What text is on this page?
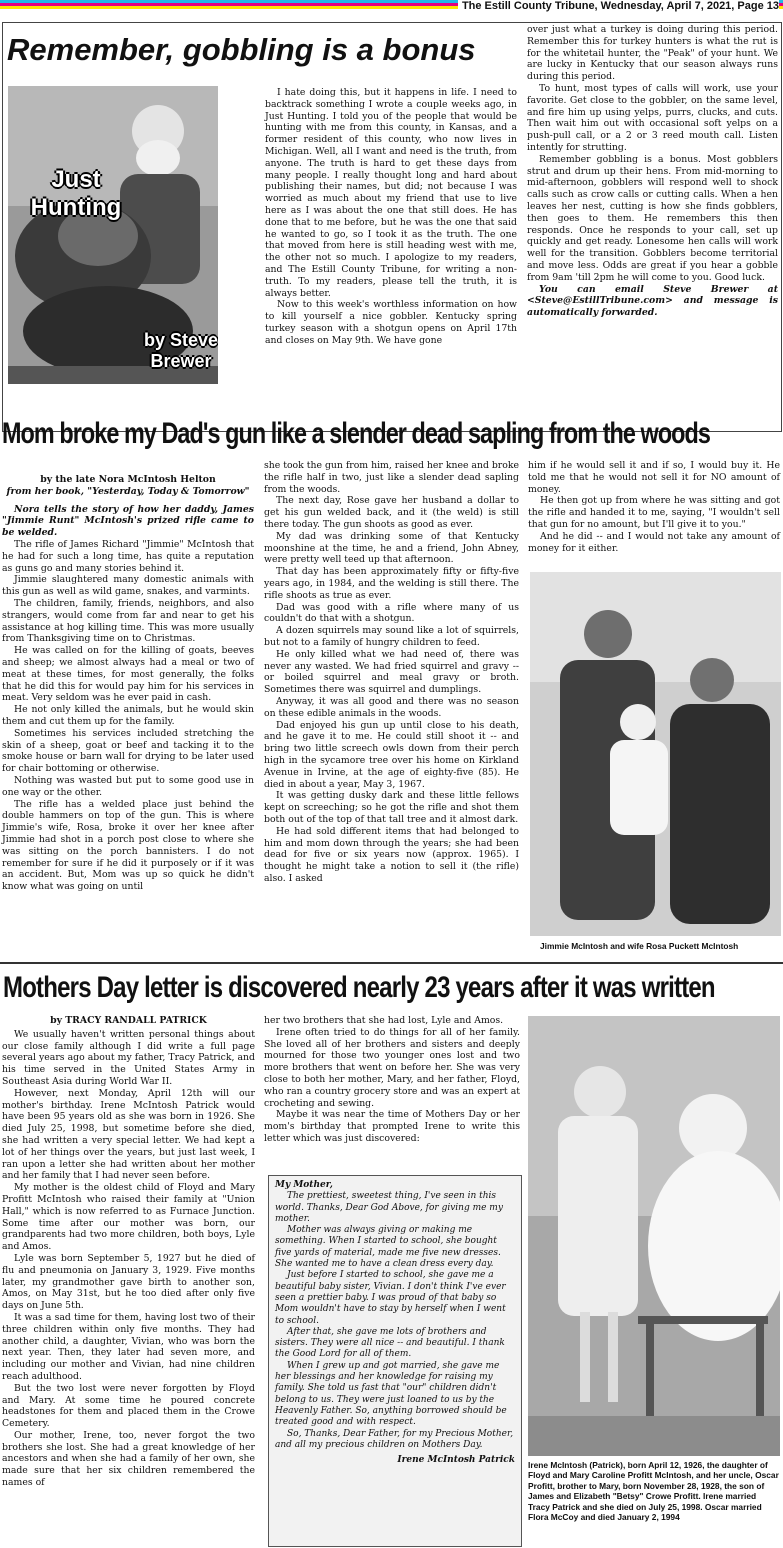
The Estill County Tribune, Wednesday, April 7, 2021, Page 13
Remember, gobbling is a bonus
Just
Hunting
by Steve
Brewer

I hate doing this, but it happens in life. I need to backtrack something I wrote a couple weeks ago, in Just Hunting. I told you of the people that would be hunting with me from this county, in Kansas, and a former resident of this county, who now lives in Michigan. Well, all I want and need is the truth, from anyone. The truth is hard to get these days from many people. I really thought long and hard about publishing their names, but did; not because I was worried as much about my friend that use to live here as I was about the one that still does. He has done that to me before, but he was the one that said he wanted to go, so I took it as the truth. The one that moved from here is still heading west with me, the other not so much. I apologize to my readers, and The Estill County Tribune, for writing a non-truth. To my readers, please tell the truth, it is always better.

Now to this week's worthless information on how to kill yourself a nice gobbler. Kentucky spring turkey season with a shotgun opens on April 17th and closes on May 9th. We have gone

over just what a turkey is doing during this period. Remember this for turkey hunters is what the rut is for the whitetail hunter, the "Peak" of your hunt. We are lucky in Kentucky that our season always runs during this period.

To hunt, most types of calls will work, use your favorite. Get close to the gobbler, on the same level, and fire him up using yelps, purrs, clucks, and cuts. Then wait him out with occasional soft yelps on a push-pull call, or a 2 or 3 reed mouth call. Listen intently for strutting.

Remember gobbling is a bonus. Most gobblers strut and drum up their hens. From mid-morning to mid-afternoon, gobblers will respond well to shock calls such as crow calls or cutting calls. When a hen leaves her nest, cutting is how she finds gobblers, then goes to them. He remembers this then responds. Once he responds to your call, set up quickly and get ready. Lonesome hen calls will work well for the transition. Gobblers become territorial and move less. Odds are great if you hear a gobble from 9am 'till 2pm he will come to you. Good luck.

You can email Steve Brewer at <Steve@EstillTribune.com> and message is automatically forwarded.

Mom broke my Dad's gun like a slender dead sapling from the woods
by the late Nora McIntosh Helton
from her book, "Yesterday, Today & Tomorrow"

Nora tells the story of how her daddy, James "Jimmie Runt" McIntosh's prized rifle came to be welded.

The rifle of James Richard "Jimmie" McIntosh that he had for such a long time, has quite a reputation as guns go and many stories behind it.

Jimmie slaughtered many domestic animals with this gun as well as wild game, snakes, and varmints.

The children, family, friends, neighbors, and also strangers, would come from far and near to get his assistance at hog killing time. This was more usually from Thanksgiving time on to Christmas.

He was called on for the killing of goats, beeves and sheep; we almost always had a meal or two of meat at these times, for most generally, the folks that he did this for would pay him for his services in meat. Very seldom was he ever paid in cash.

He not only killed the animals, but he would skin them and cut them up for the family.

Sometimes his services included stretching the skin of a sheep, goat or beef and tacking it to the smoke house or barn wall for drying to be later used for chair bottoming or otherwise.

Nothing was wasted but put to some good use in one way or the other.

The rifle has a welded place just behind the double hammers on top of the gun. This is where Jimmie's wife, Rosa, broke it over her knee after Jimmie had shot in a porch post close to where she was sitting on the porch bannisters. I do not remember for sure if he did it purposely or if it was an accident. But, Mom was up so quick he didn't know what was going on until

she took the gun from him, raised her knee and broke the rifle half in two, just like a slender dead sapling from the woods.

The next day, Rose gave her husband a dollar to get his gun welded back, and it (the weld) is still there today. The gun shoots as good as ever.

My dad was drinking some of that Kentucky moonshine at the time, he and a friend, John Abney, were pretty well teed up that afternoon.

That day has been approximately fifty or fifty-five years ago, in 1984, and the welding is still there. The rifle shoots as true as ever.

Dad was good with a rifle where many of us couldn't do that with a shotgun.

A dozen squirrels may sound like a lot of squirrels, but not to a family of hungry children to feed.

He only killed what we had need of, there was never any wasted. We had fried squirrel and gravy -- or boiled squirrel and meal gravy or broth. Sometimes there was squirrel and dumplings.

Anyway, it was all good and there was no season on these edible animals in the woods.

Dad enjoyed his gun up until close to his death, and he gave it to me. He could still shoot it -- and bring two little screech owls down from their perch high in the sycamore tree over his home on Kirkland Avenue in Irvine, at the age of eighty-five (85). He died in about a year, May 3, 1967.

It was getting dusky dark and these little fellows kept on screeching; so he got the rifle and shot them both out of the top of that tall tree and it almost dark.

He had sold different items that had belonged to him and mom down through the years; she had been dead for five or six years now (approx. 1965). I thought he might take a notion to sell it (the rifle) also. I asked

him if he would sell it and if so, I would buy it. He told me that he would not sell it for NO amount of money.

He then got up from where he was sitting and got the rifle and handed it to me, saying, "I wouldn't sell that gun for no amount, but I'll give it to you."

And he did -- and I would not take any amount of money for it either.

Jimmie McIntosh and wife Rosa Puckett McIntosh
Mothers Day letter is discovered nearly 23 years after it was written
by TRACY RANDALL PATRICK

We usually haven't written personal things about our close family although I did write a full page several years ago about my father, Tracy Patrick, and his time served in the United States Army in Southeast Asia during World War II.

However, next Monday, April 12th will our mother's birthday. Irene McIntosh Patrick would have been 95 years old as she was born in 1926. She died July 25, 1998, but sometime before she died, she had written a very special letter. We had kept a lot of her things over the years, but just last week, I ran upon a letter she had written about her mother and her family that I had never seen before.

My mother is the oldest child of Floyd and Mary Profitt McIntosh who raised their family at "Union Hall," which is now referred to as Furnace Junction. Some time after our mother was born, our grandparents had two more children, both boys, Lyle and Amos.

Lyle was born September 5, 1927 but he died of flu and pneumonia on January 3, 1929. Five months later, my grandmother gave birth to another son, Amos, on May 31st, but he too died after only five days on June 5th.

It was a sad time for them, having lost two of their three children within only five months. They had another child, a daughter, Vivian, who was born the next year. Then, they later had seven more, and including our mother and Vivian, had nine children reach adulthood.

But the two lost were never forgotten by Floyd and Mary. At some time he poured concrete headstones for them and placed them in the Crowe Cemetery.

Our mother, Irene, too, never forgot the two brothers she lost. She had a great knowledge of her ancestors and when she had a family of her own, she made sure that her six children remembered the names of

her two brothers that she had lost, Lyle and Amos.

Irene often tried to do things for all of her family. She loved all of her brothers and sisters and deeply mourned for those two younger ones lost and two more brothers that went on before her. She was very close to both her mother, Mary, and her father, Floyd, who ran a country grocery store and was an expert at crocheting and sewing.

Maybe it was near the time of Mothers Day or her mom's birthday that prompted Irene to write this letter which was just discovered:

My Mother,

The prettiest, sweetest thing, I've seen in this world. Thanks, Dear God Above, for giving me my mother.

Mother was always giving or making me something. When I started to school, she bought five yards of material, made me five new dresses. She wanted me to have a clean dress every day.

Just before I started to school, she gave me a beautiful baby sister, Vivian. I don't think I've ever seen a prettier baby. I was proud of that baby so Mom wouldn't have to stay by herself when I went to school.

After that, she gave me lots of brothers and sisters. They were all nice -- and beautiful. I thank the Good Lord for all of them.

When I grew up and got married, she gave me her blessings and her knowledge for raising my family. She told us fast that "our" children didn't belong to us. They were just loaned to us by the Heavenly Father. So, anything borrowed should be treated good and with respect.

So, Thanks, Dear Father, for my Precious Mother, and all my precious children on Mothers Day.

Irene McIntosh Patrick Irene McIntosh (Patrick), born April 12, 1926, the daughter of Floyd and Mary Caroline Profitt McIntosh, and her uncle, Oscar Profitt, brother to Mary, born November 28, 1928, the son of James and Elizabeth "Betsy" Crowe Profitt. Irene married Tracy Patrick and she died on July 25, 1998. Oscar married Flora McCoy and died January 2, 1994
